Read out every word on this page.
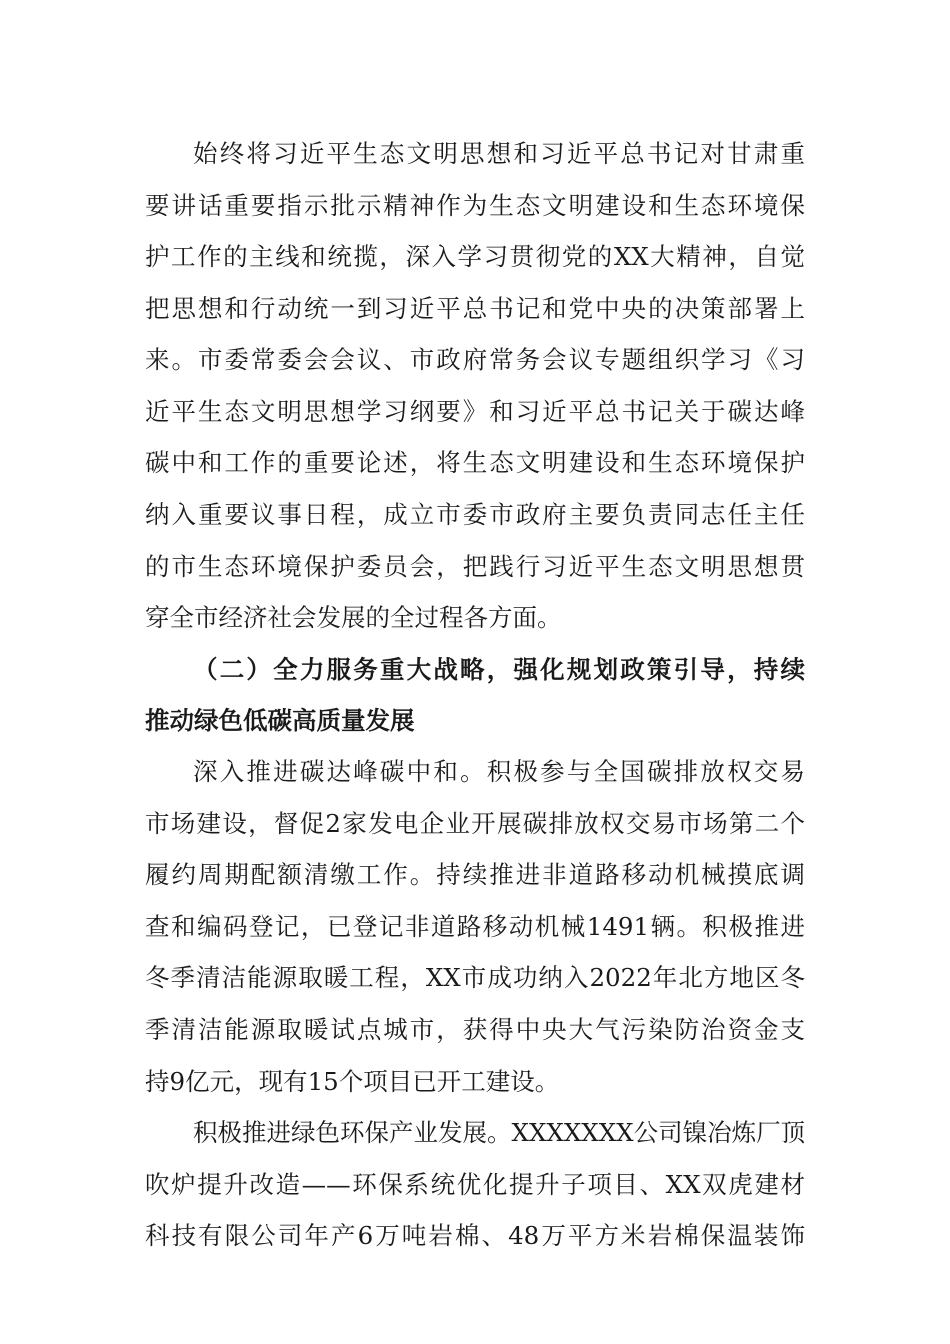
始终将习近平生态文明思想和习近平总书记对甘肃重
要讲话重要指示批示精神作为生态文明建设和生态环境保
护工作的主线和统揽，深入学习贯彻党的XX大精神，自觉
把思想和行动统一到习近平总书记和党中央的决策部署上
来。市委常委会会议、市政府常务会议专题组织学习《习
近平生态文明思想学习纲要》和习近平总书记关于碳达峰
碳中和工作的重要论述，将生态文明建设和生态环境保护
纳入重要议事日程，成立市委市政府主要负责同志任主任
的市生态环境保护委员会，把践行习近平生态文明思想贯
穿全市经济社会发展的全过程各方面。
（二）全力服务重大战略，强化规划政策引导，持续
推动绿色低碳高质量发展
深入推进碳达峰碳中和。积极参与全国碳排放权交易
市场建设，督促2家发电企业开展碳排放权交易市场第二个
履约周期配额清缴工作。持续推进非道路移动机械摸底调
查和编码登记，已登记非道路移动机械1491辆。积极推进
冬季清洁能源取暖工程，XX市成功纳入2022年北方地区冬
季清洁能源取暖试点城市，获得中央大气污染防治资金支
持9亿元，现有15个项目已开工建设。
积极推进绿色环保产业发展。XXXXXXX公司镍冶炼厂顶
吹炉提升改造——环保系统优化提升子项目、XX双虎建材
科技有限公司年产6万吨岩棉、48万平方米岩棉保温装饰
